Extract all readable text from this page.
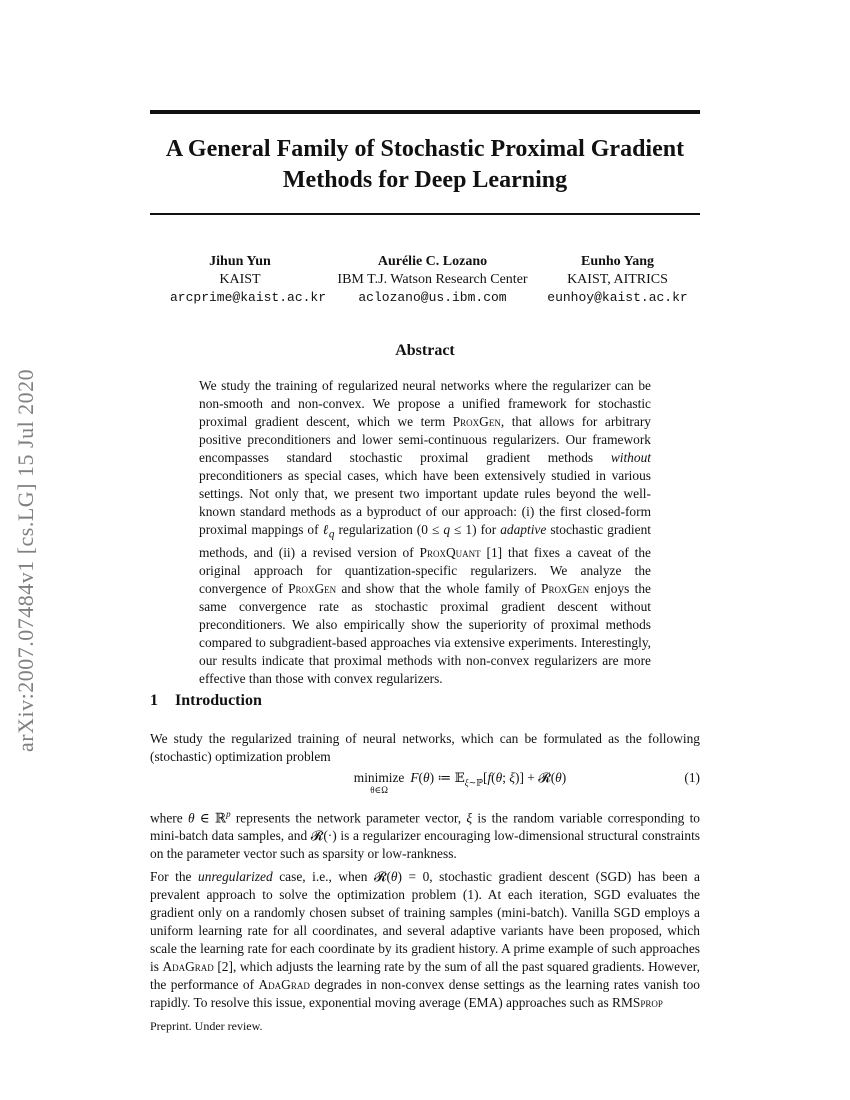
arXiv:2007.07484v1 [cs.LG] 15 Jul 2020
A General Family of Stochastic Proximal Gradient Methods for Deep Learning
Jihun Yun
KAIST
arcprime@kaist.ac.kr
Aurélie C. Lozano
IBM T.J. Watson Research Center
aclozano@us.ibm.com
Eunho Yang
KAIST, AITRICS
eunhoy@kaist.ac.kr
Abstract
We study the training of regularized neural networks where the regularizer can be non-smooth and non-convex. We propose a unified framework for stochastic proximal gradient descent, which we term ProxGen, that allows for arbitrary positive preconditioners and lower semi-continuous regularizers. Our framework encompasses standard stochastic proximal gradient methods without preconditioners as special cases, which have been extensively studied in various settings. Not only that, we present two important update rules beyond the well-known standard methods as a byproduct of our approach: (i) the first closed-form proximal mappings of ℓ$_q$ regularization (0 ≤ q ≤ 1) for adaptive stochastic gradient methods, and (ii) a revised version of ProxQuant [1] that fixes a caveat of the original approach for quantization-specific regularizers. We analyze the convergence of ProxGen and show that the whole family of ProxGen enjoys the same convergence rate as stochastic proximal gradient descent without preconditioners. We also empirically show the superiority of proximal methods compared to subgradient-based approaches via extensive experiments. Interestingly, our results indicate that proximal methods with non-convex regularizers are more effective than those with convex regularizers.
1 Introduction
We study the regularized training of neural networks, which can be formulated as the following (stochastic) optimization problem
minimize
θ∈Ω
F(θ) ≔ 𝔼$_{\xi\sim ℙ}$[f(θ; ξ)] + 𝓡(θ)	(1)
where θ ∈ ℝ$^p$ represents the network parameter vector, ξ is the random variable corresponding to mini-batch data samples, and 𝓡(·) is a regularizer encouraging low-dimensional structural constraints on the parameter vector such as sparsity or low-rankness.
For the unregularized case, i.e., when 𝓡(θ) = 0, stochastic gradient descent (SGD) has been a prevalent approach to solve the optimization problem (1). At each iteration, SGD evaluates the gradient only on a randomly chosen subset of training samples (mini-batch). Vanilla SGD employs a uniform learning rate for all coordinates, and several adaptive variants have been proposed, which scale the learning rate for each coordinate by its gradient history. A prime example of such approaches is AdaGrad [2], which adjusts the learning rate by the sum of all the past squared gradients. However, the performance of AdaGrad degrades in non-convex dense settings as the learning rates vanish too rapidly. To resolve this issue, exponential moving average (EMA) approaches such as RMSprop
Preprint. Under review.
